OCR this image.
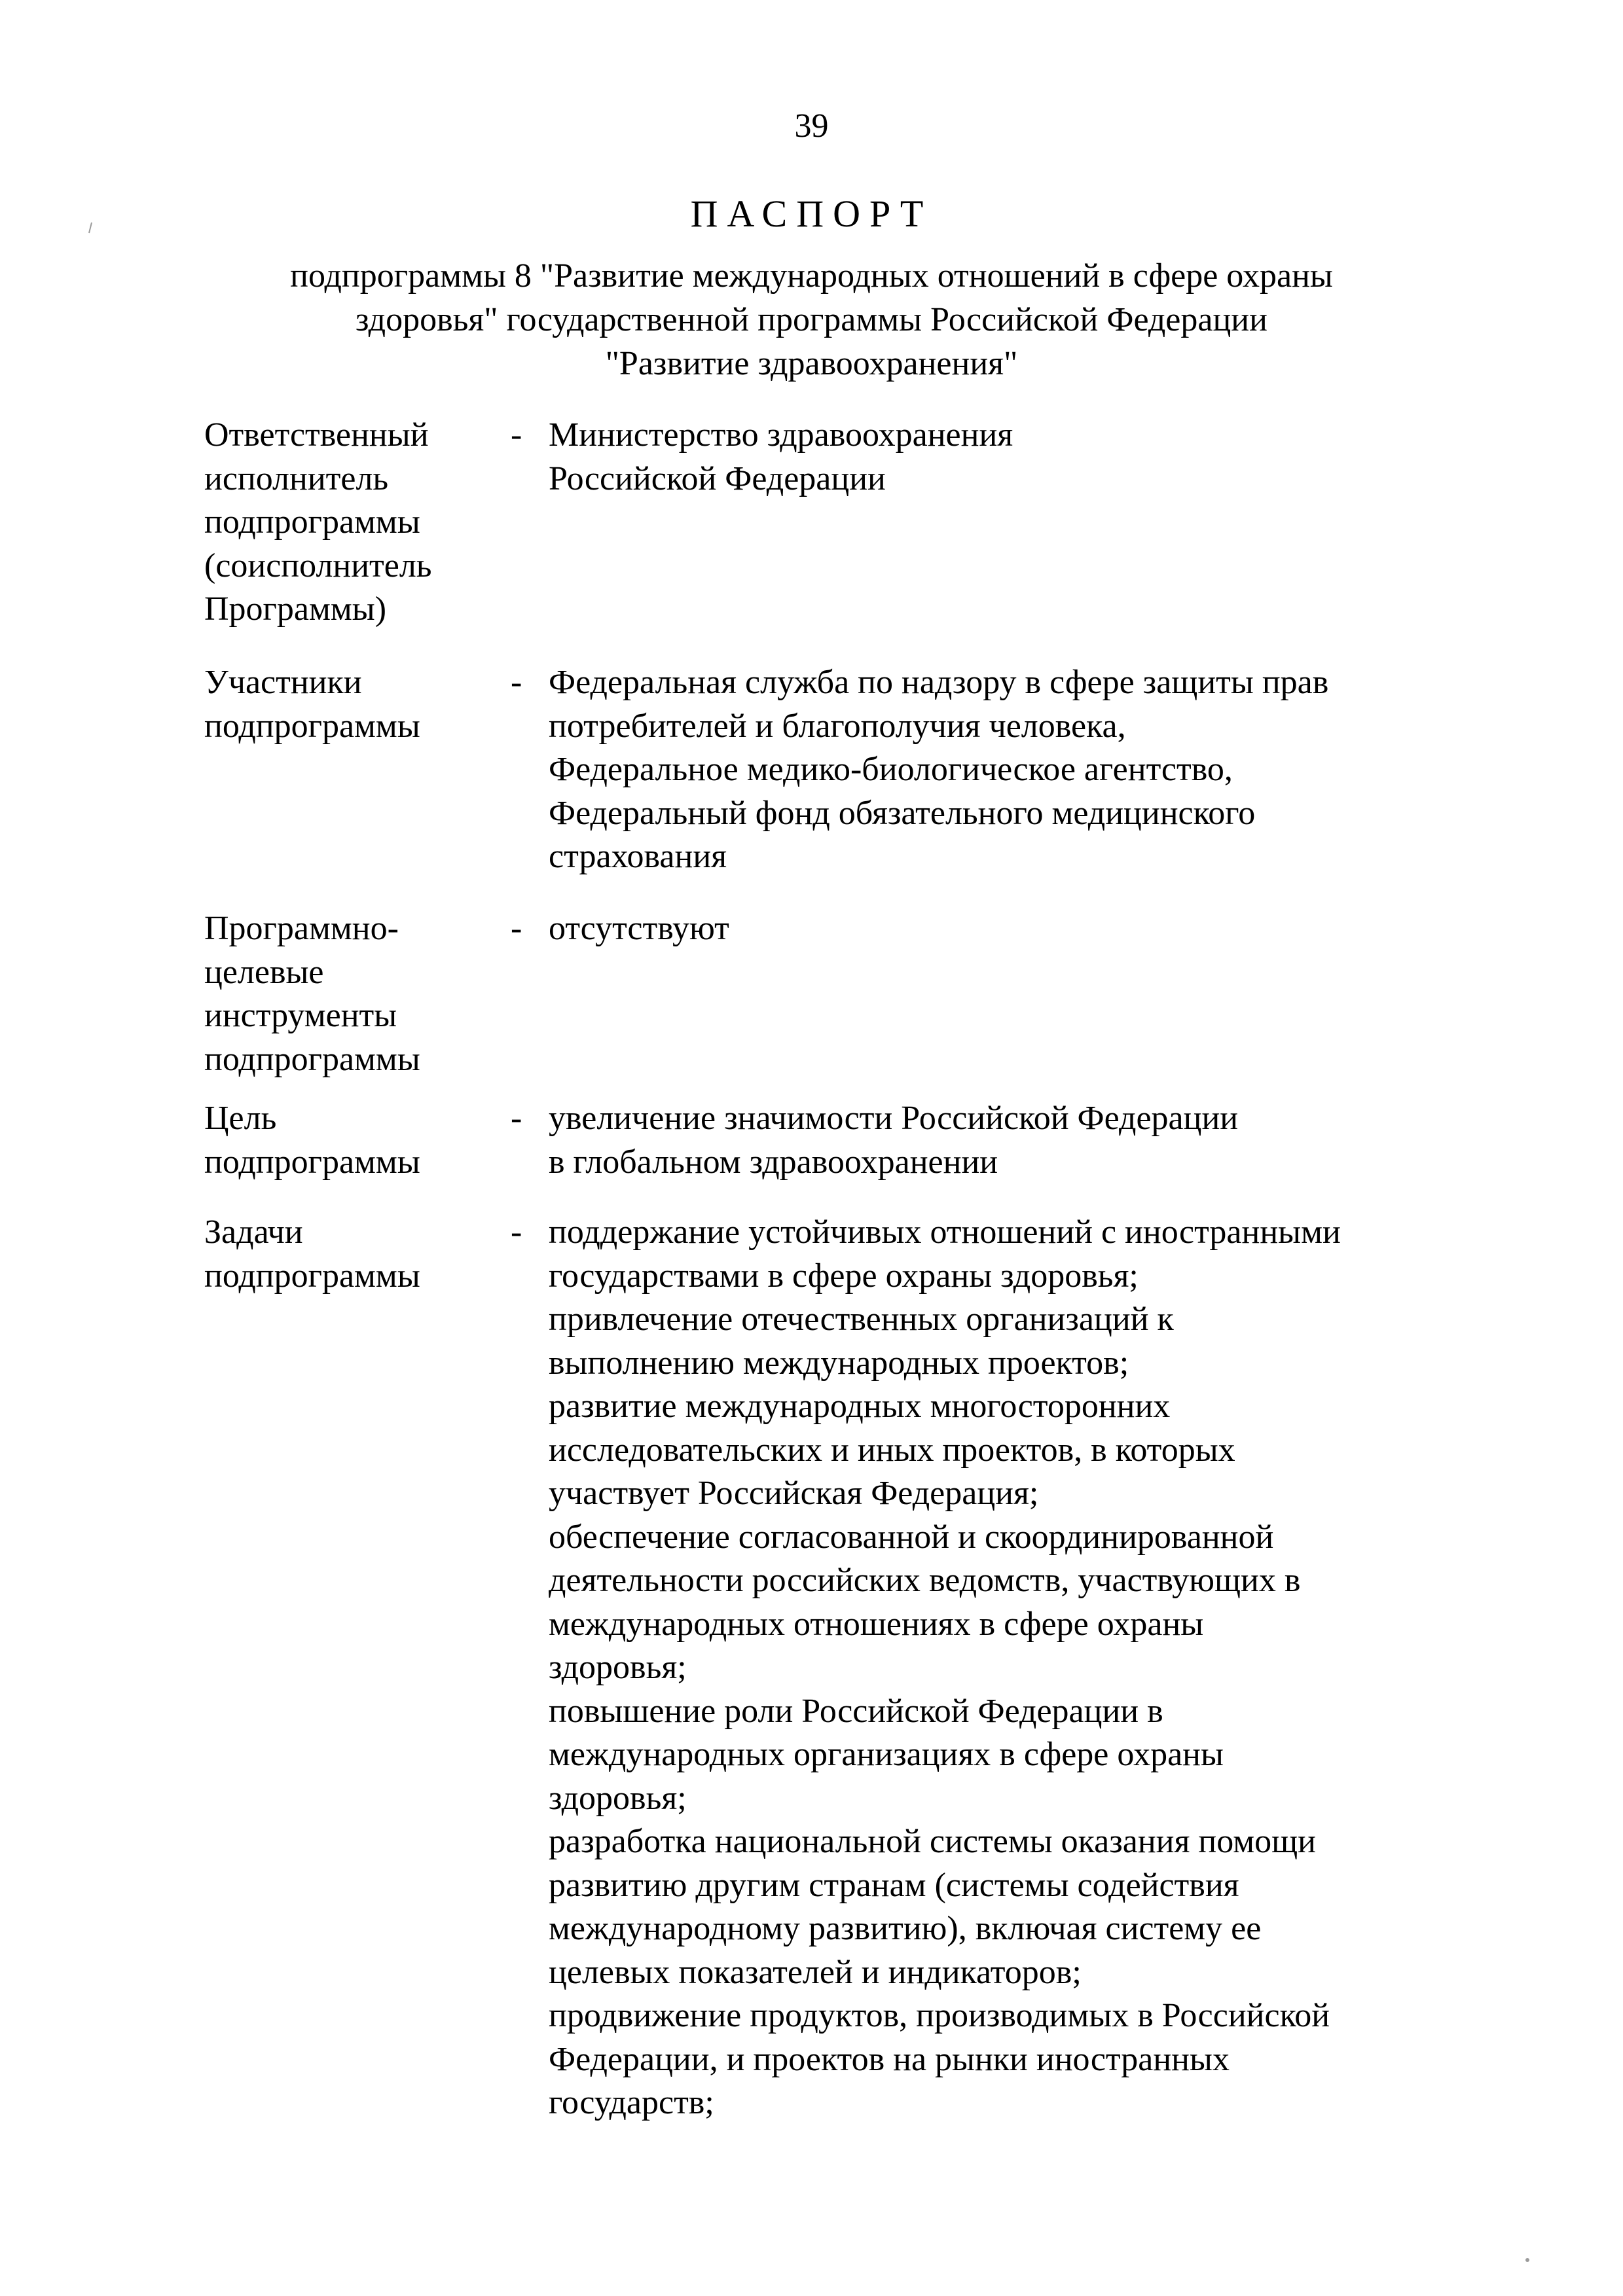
39
ПАСПОРТ
подпрограммы 8 "Развитие международных отношений в сфере охраны
здоровья" государственной программы Российской Федерации
"Развитие здравоохранения"
Ответственный
исполнитель
подпрограммы
(соисполнитель
Программы)
- Министерство здравоохранения
Российской Федерации
Участники
подпрограммы
- Федеральная служба по надзору в сфере защиты прав
потребителей и благополучия человека,
Федеральное медико-биологическое агентство,
Федеральный фонд обязательного медицинского
страхования
Программно-
целевые
инструменты
подпрограммы
- отсутствуют
Цель
подпрограммы
- увеличение значимости Российской Федерации
в глобальном здравоохранении
Задачи
подпрограммы
- поддержание устойчивых отношений с иностранными
государствами в сфере охраны здоровья;
привлечение отечественных организаций к
выполнению международных проектов;
развитие международных многосторонних
исследовательских и иных проектов, в которых
участвует Российская Федерация;
обеспечение согласованной и скоординированной
деятельности российских ведомств, участвующих в
международных отношениях в сфере охраны
здоровья;
повышение роли Российской Федерации в
международных организациях в сфере охраны
здоровья;
разработка национальной системы оказания помощи
развитию другим странам (системы содействия
международному развитию), включая систему ее
целевых показателей и индикаторов;
продвижение продуктов, производимых в Российской
Федерации, и проектов на рынки иностранных
государств;
